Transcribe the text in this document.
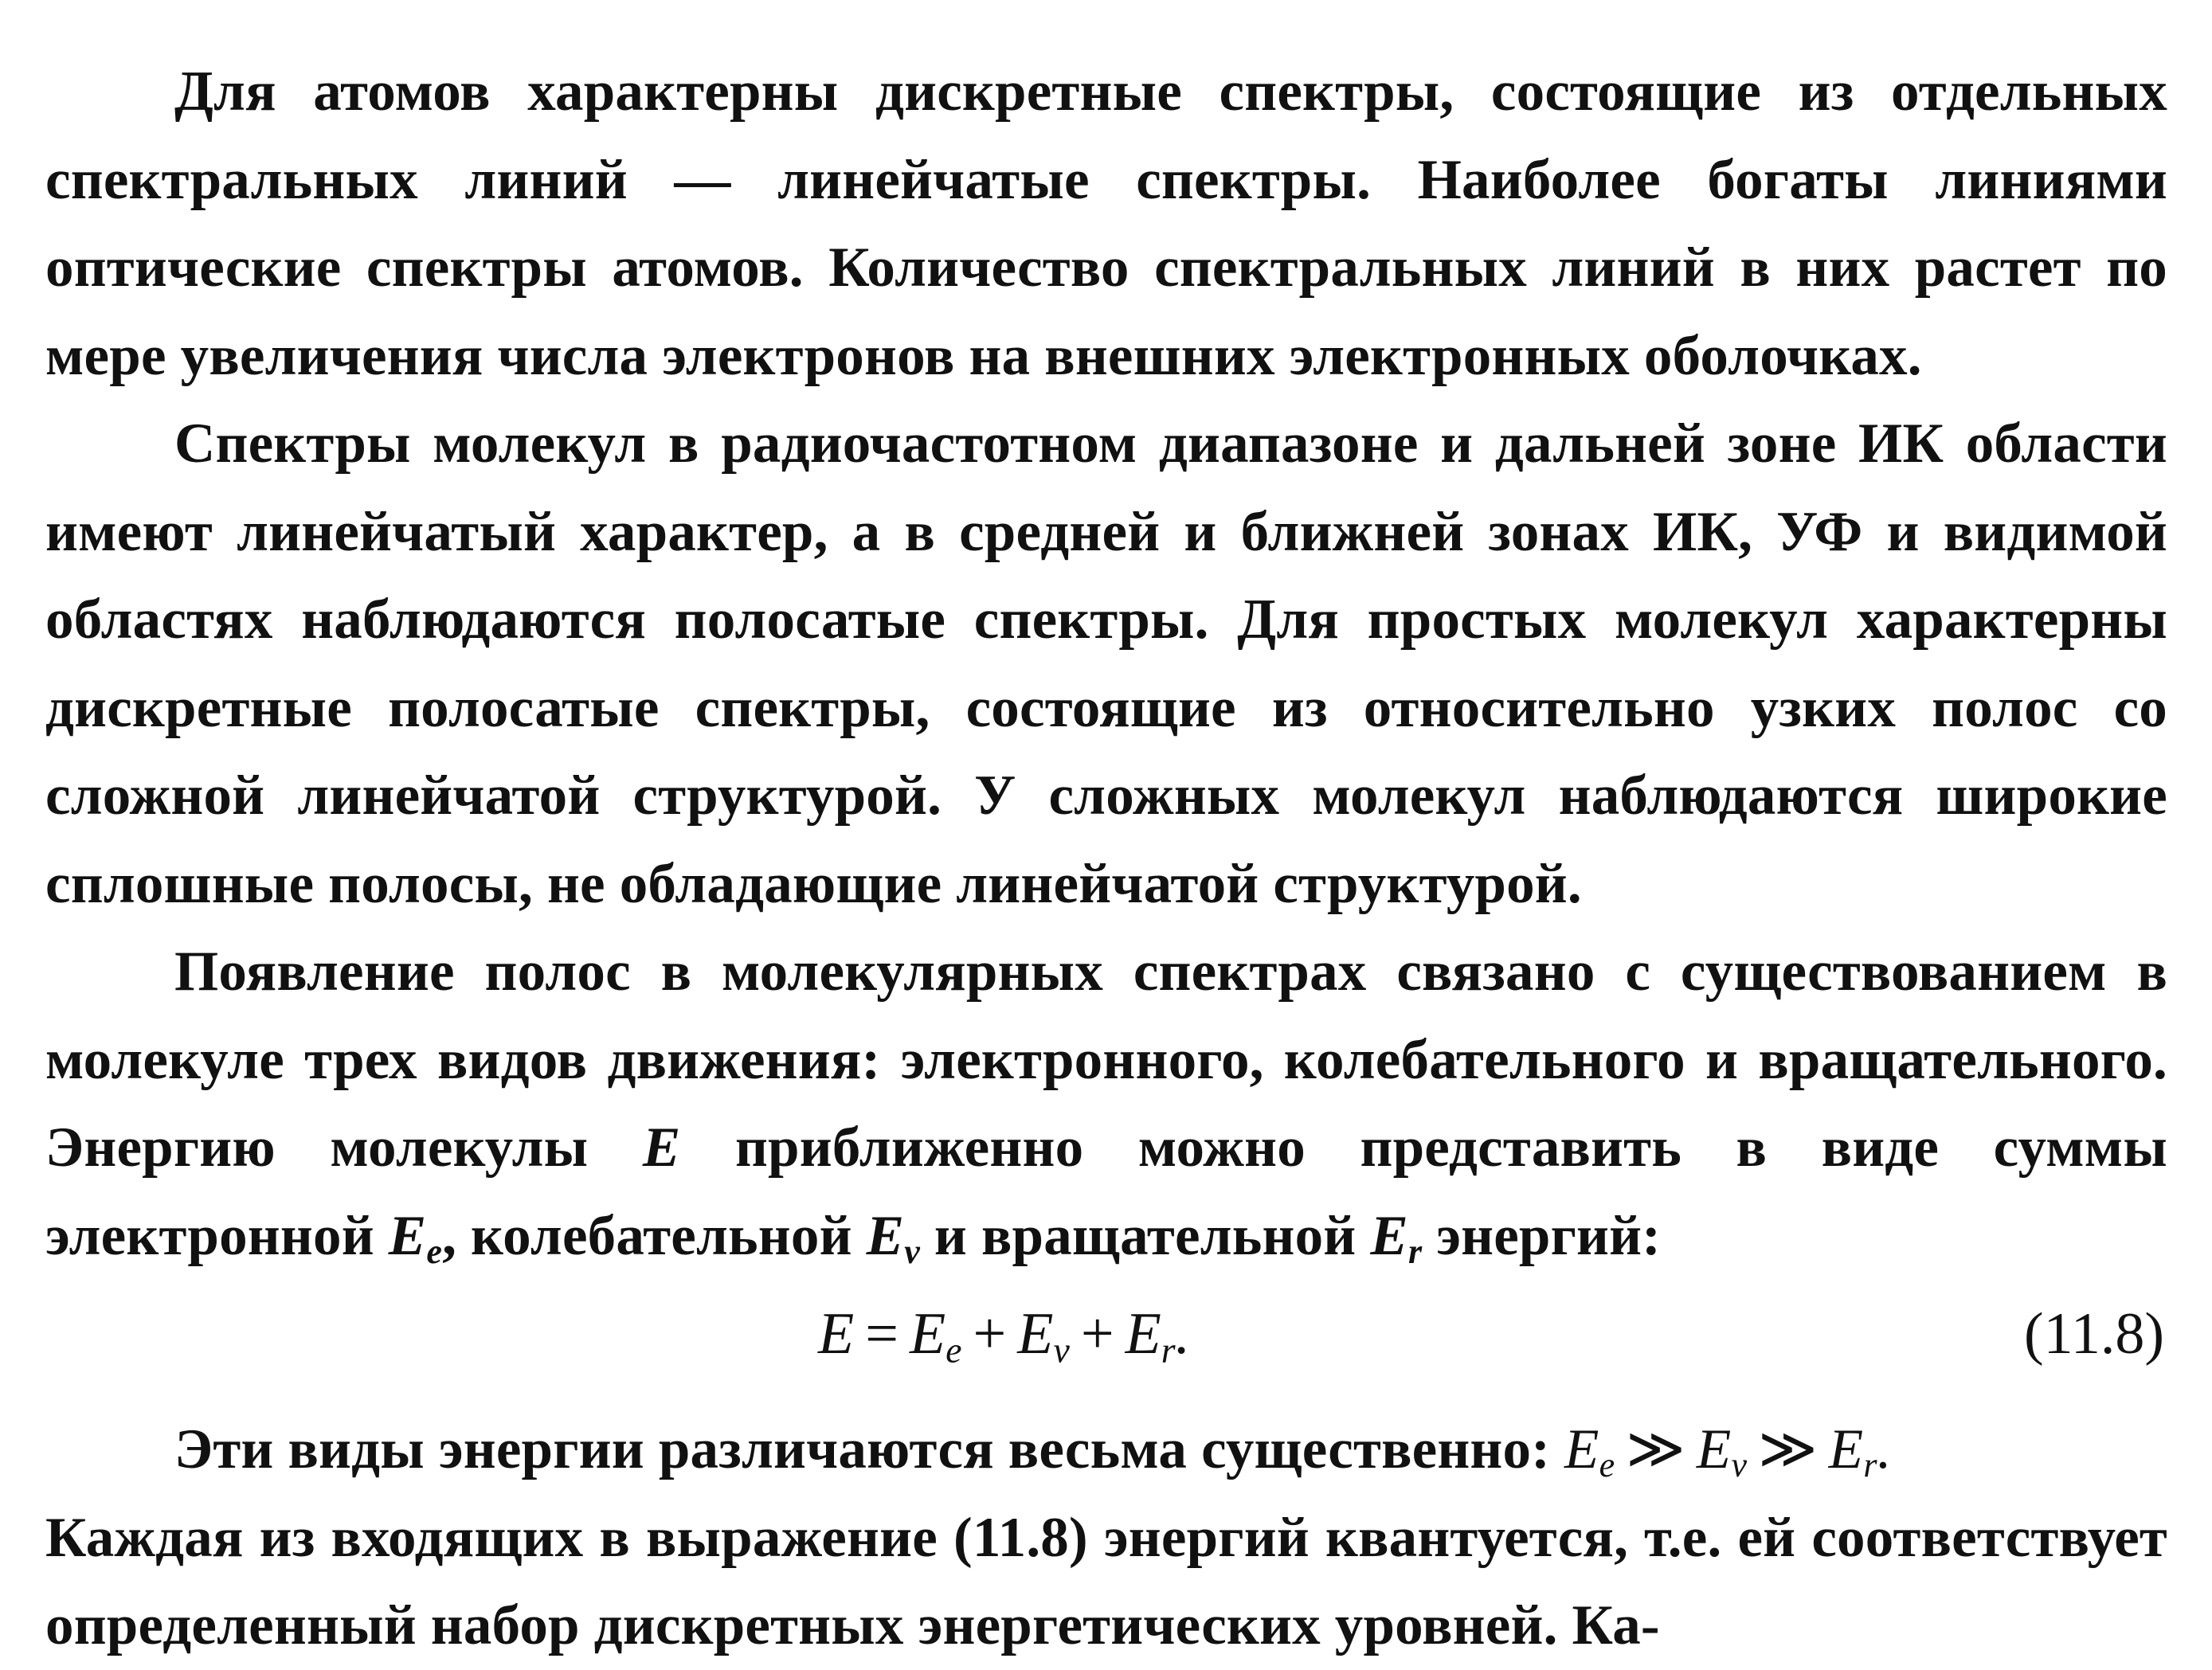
Для атомов характерны дискретные спектры, состоящие из отдельных спектральных линий — линейчатые спектры. Наиболее богаты линиями оптические спектры атомов. Количество спектральных линий в них растет по мере увеличения числа электронов на внешних электронных оболочках.

Спектры молекул в радиочастотном диапазоне и дальней зоне ИК области имеют линейчатый характер, а в средней и ближней зонах ИК, УФ и видимой областях наблюдаются полосатые спектры. Для простых молекул характерны дискретные полосатые спектры, состоящие из относительно узких полос со сложной линейчатой структурой. У сложных молекул наблюдаются широкие сплошные полосы, не обладающие линейчатой структурой.

Появление полос в молекулярных спектрах связано с существованием в молекуле трех видов движения: электронного, колебательного и вращательного. Энергию молекулы E приближенно можно представить в виде суммы электронной $E_e$, колебательной $E_v$ и вращательной $E_r$ энергий:

$E = E_e + E_v + E_r$.	(11.8)

Эти виды энергии различаются весьма существенно: $E_e$ ≫ $E_v$ ≫ $E_r$.

Каждая из входящих в выражение (11.8) энергий квантуется, т.е. ей соответствует определенный набор дискретных энергетических уровней. Ка-
